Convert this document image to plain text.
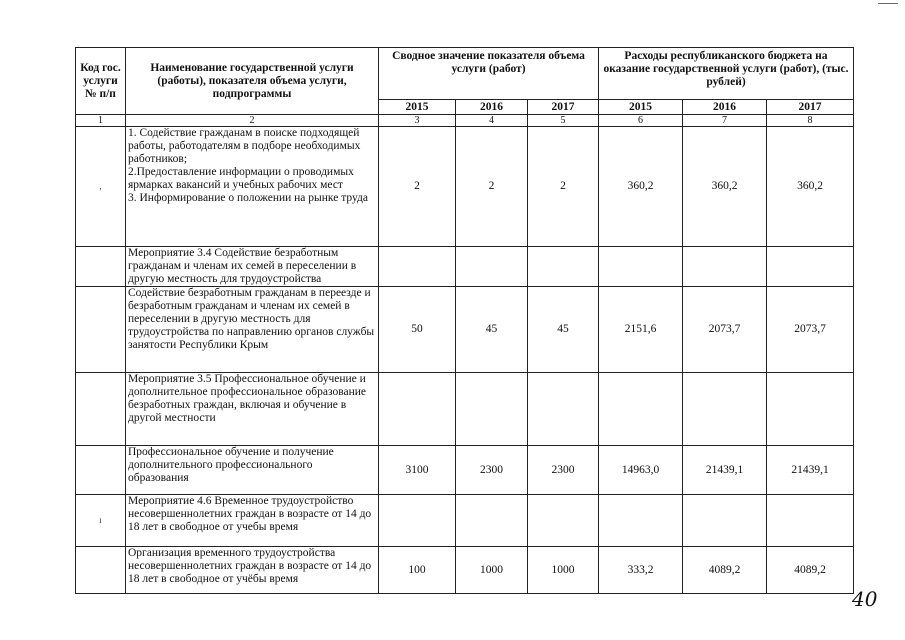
Код гос. услуги № п/п	Наименование государственной услуги (работы), показателя объема услуги, подпрограммы	Сводное значение показателя объема услуги (работ)			Расходы республиканского бюджета на оказание государственной услуги (работ), (тыс. рублей)		
		2015	2016	2017	2015	2016	2017
1	2	3	4	5	6	7	8
,	1. Содействие гражданам в поиске подходящей работы, работодателям в подборе необходимых работников;
2.Предоставление информации о проводимых ярмарках вакансий и учебных рабочих мест
3. Информирование о положении на рынке труда	2	2	2	360,2	360,2	360,2
	Мероприятие 3.4 Содействие безработным гражданам и членам их семей в переселении в другую местность для трудоустройства						
	Содействие безработным гражданам в переезде и безработным гражданам и членам их семей в переселении в другую местность для трудоустройства по направлению органов службы занятости Республики Крым	50	45	45	2151,6	2073,7	2073,7
	Мероприятие 3.5 Профессиональное обучение и дополнительное профессиональное образование безработных граждан, включая и обучение в другой местности						
	Профессиональное обучение и получение дополнительного профессионального образования	3100	2300	2300	14963,0	21439,1	21439,1
ı	Мероприятие 4.6 Временное трудоустройство несовершеннолетних граждан в возрасте от 14 до 18 лет в свободное от учебы время						
	Организация временного трудоустройства несовершеннолетних граждан в возрасте от 14 до 18 лет в свободное от учёбы время	100	1000	1000	333,2	4089,2	4089,2
40
